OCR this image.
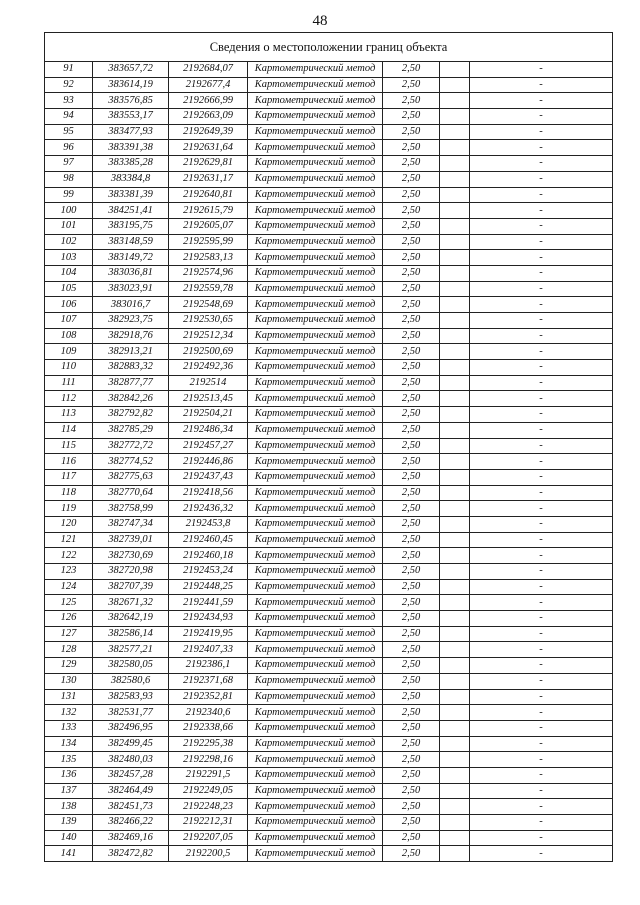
48
Сведения о местоположении границ объекта						
91	383657,72	2192684,07	Картометрический метод	2,50		-
92	383614,19	2192677,4	Картометрический метод	2,50		-
93	383576,85	2192666,99	Картометрический метод	2,50		-
94	383553,17	2192663,09	Картометрический метод	2,50		-
95	383477,93	2192649,39	Картометрический метод	2,50		-
96	383391,38	2192631,64	Картометрический метод	2,50		-
97	383385,28	2192629,81	Картометрический метод	2,50		-
98	383384,8	2192631,17	Картометрический метод	2,50		-
99	383381,39	2192640,81	Картометрический метод	2,50		-
100	384251,41	2192615,79	Картометрический метод	2,50		-
101	383195,75	2192605,07	Картометрический метод	2,50		-
102	383148,59	2192595,99	Картометрический метод	2,50		-
103	383149,72	2192583,13	Картометрический метод	2,50		-
104	383036,81	2192574,96	Картометрический метод	2,50		-
105	383023,91	2192559,78	Картометрический метод	2,50		-
106	383016,7	2192548,69	Картометрический метод	2,50		-
107	382923,75	2192530,65	Картометрический метод	2,50		-
108	382918,76	2192512,34	Картометрический метод	2,50		-
109	382913,21	2192500,69	Картометрический метод	2,50		-
110	382883,32	2192492,36	Картометрический метод	2,50		-
111	382877,77	2192514	Картометрический метод	2,50		-
112	382842,26	2192513,45	Картометрический метод	2,50		-
113	382792,82	2192504,21	Картометрический метод	2,50		-
114	382785,29	2192486,34	Картометрический метод	2,50		-
115	382772,72	2192457,27	Картометрический метод	2,50		-
116	382774,52	2192446,86	Картометрический метод	2,50		-
117	382775,63	2192437,43	Картометрический метод	2,50		-
118	382770,64	2192418,56	Картометрический метод	2,50		-
119	382758,99	2192436,32	Картометрический метод	2,50		-
120	382747,34	2192453,8	Картометрический метод	2,50		-
121	382739,01	2192460,45	Картометрический метод	2,50		-
122	382730,69	2192460,18	Картометрический метод	2,50		-
123	382720,98	2192453,24	Картометрический метод	2,50		-
124	382707,39	2192448,25	Картометрический метод	2,50		-
125	382671,32	2192441,59	Картометрический метод	2,50		-
126	382642,19	2192434,93	Картометрический метод	2,50		-
127	382586,14	2192419,95	Картометрический метод	2,50		-
128	382577,21	2192407,33	Картометрический метод	2,50		-
129	382580,05	2192386,1	Картометрический метод	2,50		-
130	382580,6	2192371,68	Картометрический метод	2,50		-
131	382583,93	2192352,81	Картометрический метод	2,50		-
132	382531,77	2192340,6	Картометрический метод	2,50		-
133	382496,95	2192338,66	Картометрический метод	2,50		-
134	382499,45	2192295,38	Картометрический метод	2,50		-
135	382480,03	2192298,16	Картометрический метод	2,50		-
136	382457,28	2192291,5	Картометрический метод	2,50		-
137	382464,49	2192249,05	Картометрический метод	2,50		-
138	382451,73	2192248,23	Картометрический метод	2,50		-
139	382466,22	2192212,31	Картометрический метод	2,50		-
140	382469,16	2192207,05	Картометрический метод	2,50		-
141	382472,82	2192200,5	Картометрический метод	2,50		-
